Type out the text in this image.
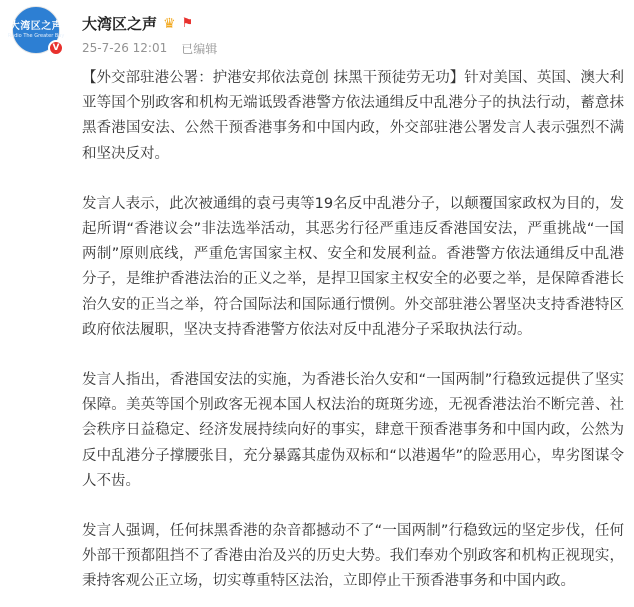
大湾区之声
Radio The Greater Bay
V
大湾区之声 ♛ ⚑
25-7-26 12:01 已编辑

【外交部驻港公署：护港安邦依法竟创 抹黑干预徒劳无功】针对美国、英国、澳大利亚等国个别政客和机构无端诋毁香港警方依法通缉反中乱港分子的执法行动，蓄意抹黑香港国安法、公然干预香港事务和中国内政，外交部驻港公署发言人表示强烈不满和坚决反对。

发言人表示，此次被通缉的袁弓夷等19名反中乱港分子，以颠覆国家政权为目的，发起所谓“香港议会”非法选举活动，其恶劣行径严重违反香港国安法，严重挑战“一国两制”原则底线，严重危害国家主权、安全和发展利益。香港警方依法通缉反中乱港分子，是维护香港法治的正义之举，是捍卫国家主权安全的必要之举，是保障香港长治久安的正当之举，符合国际法和国际通行惯例。外交部驻港公署坚决支持香港特区政府依法履职，坚决支持香港警方依法对反中乱港分子采取执法行动。

发言人指出，香港国安法的实施，为香港长治久安和“一国两制”行稳致远提供了坚实保障。美英等国个别政客无视本国人权法治的斑斑劣迹，无视香港法治不断完善、社会秩序日益稳定、经济发展持续向好的事实，肆意干预香港事务和中国内政，公然为反中乱港分子撑腰张目，充分暴露其虚伪双标和“以港遏华”的险恶用心，卑劣图谋令人不齿。

发言人强调，任何抹黑香港的杂音都撼动不了“一国两制”行稳致远的坚定步伐，任何外部干预都阻挡不了香港由治及兴的历史大势。我们奉劝个别政客和机构正视现实，秉持客观公正立场，切实尊重特区法治，立即停止干预香港事务和中国内政。
